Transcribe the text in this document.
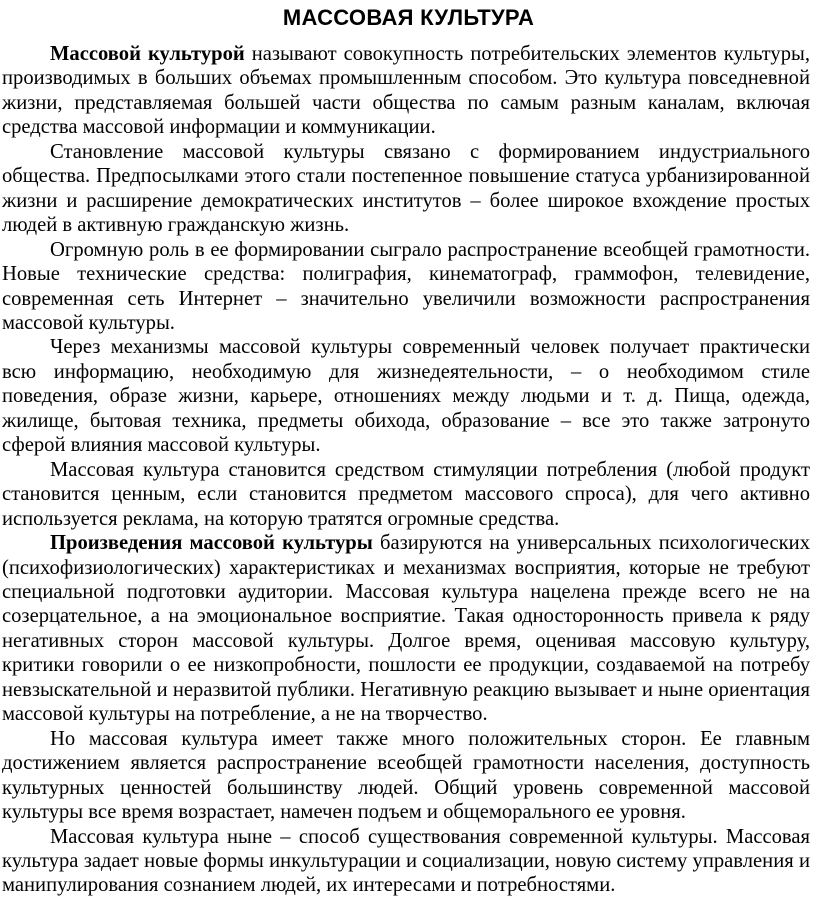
МАССОВАЯ КУЛЬТУРА

Массовой культурой называют совокупность потребительских элементов культуры, производимых в больших объемах промышленным способом. Это культура повседневной жизни, представляемая большей части общества по самым разным каналам, включая средства массовой информации и коммуникации.

Становление массовой культуры связано с формированием индустриального общества. Предпосылками этого стали постепенное повышение статуса урбанизированной жизни и расширение демократических институтов – более широкое вхождение простых людей в активную гражданскую жизнь.

Огромную роль в ее формировании сыграло распространение всеобщей грамотности. Новые технические средства: полиграфия, кинематограф, граммофон, телевидение, современная сеть Интернет – значительно увеличили возможности распространения массовой культуры.

Через механизмы массовой культуры современный человек получает практически всю информацию, необходимую для жизнедеятельности, – о необходимом стиле поведения, образе жизни, карьере, отношениях между людьми и т. д. Пища, одежда, жилище, бытовая техника, предметы обихода, образование – все это также затронуто сферой влияния массовой культуры.

Массовая культура становится средством стимуляции потребления (любой продукт становится ценным, если становится предметом массового спроса), для чего активно используется реклама, на которую тратятся огромные средства.

Произведения массовой культуры базируются на универсальных психологических (психофизиологических) характеристиках и механизмах восприятия, которые не требуют специальной подготовки аудитории. Массовая культура нацелена прежде всего не на созерцательное, а на эмоциональное восприятие. Такая односторонность привела к ряду негативных сторон массовой культуры. Долгое время, оценивая массовую культуру, критики говорили о ее низкопробности, пошлости ее продукции, создаваемой на потребу невзыскательной и неразвитой публики. Негативную реакцию вызывает и ныне ориентация массовой культуры на потребление, а не на творчество.

Но массовая культура имеет также много положительных сторон. Ее главным достижением является распространение всеобщей грамотности населения, доступность культурных ценностей большинству людей. Общий уровень современной массовой культуры все время возрастает, намечен подъем и общеморального ее уровня.

Массовая культура ныне – способ существования современной культуры. Массовая культура задает новые формы инкультурации и социализации, новую систему управления и манипулирования сознанием людей, их интересами и потребностями.
